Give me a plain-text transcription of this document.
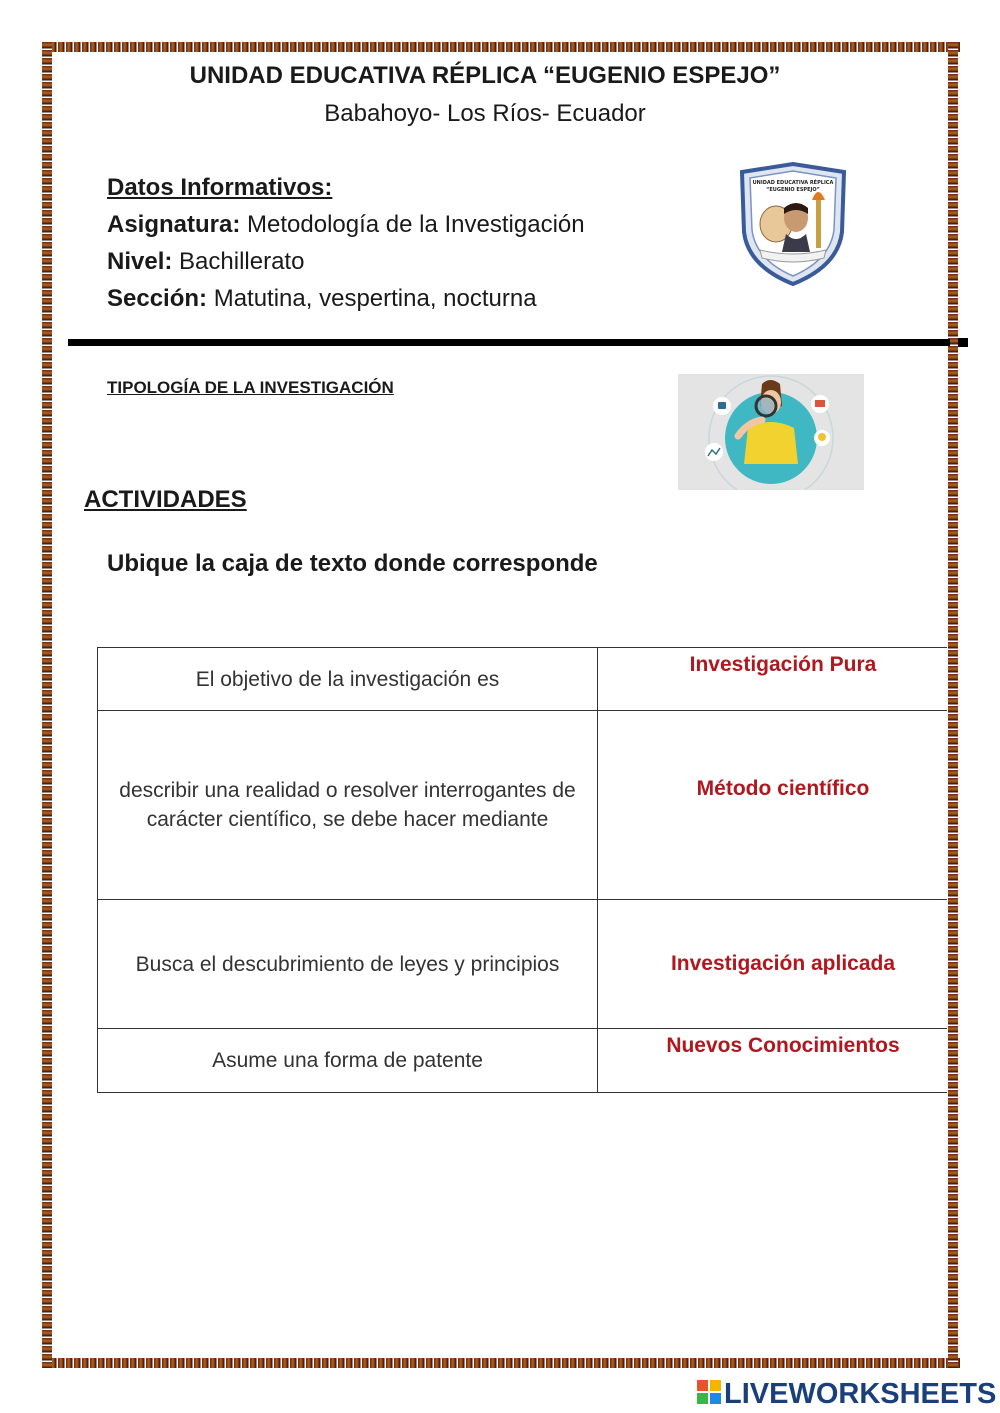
UNIDAD EDUCATIVA RÉPLICA “EUGENIO ESPEJO”
Babahoyo- Los Ríos- Ecuador
Datos Informativos:
Asignatura: Metodología de la Investigación
Nivel: Bachillerato
Sección: Matutina, vespertina, nocturna
UNIDAD EDUCATIVA RÉPLICA
“EUGENIO ESPEJO”
TIPOLOGÍA DE LA INVESTIGACIÓN
ACTIVIDADES
Ubique la caja de texto donde corresponde
El objetivo de la investigación es	Investigación Pura

describir una realidad o resolver interrogantes de carácter científico, se debe hacer mediante	Método científico

Busca el descubrimiento de leyes y principios	Investigación aplicada

Asume una forma de patente	Nuevos Conocimientos
LIVEWORKSHEETS
